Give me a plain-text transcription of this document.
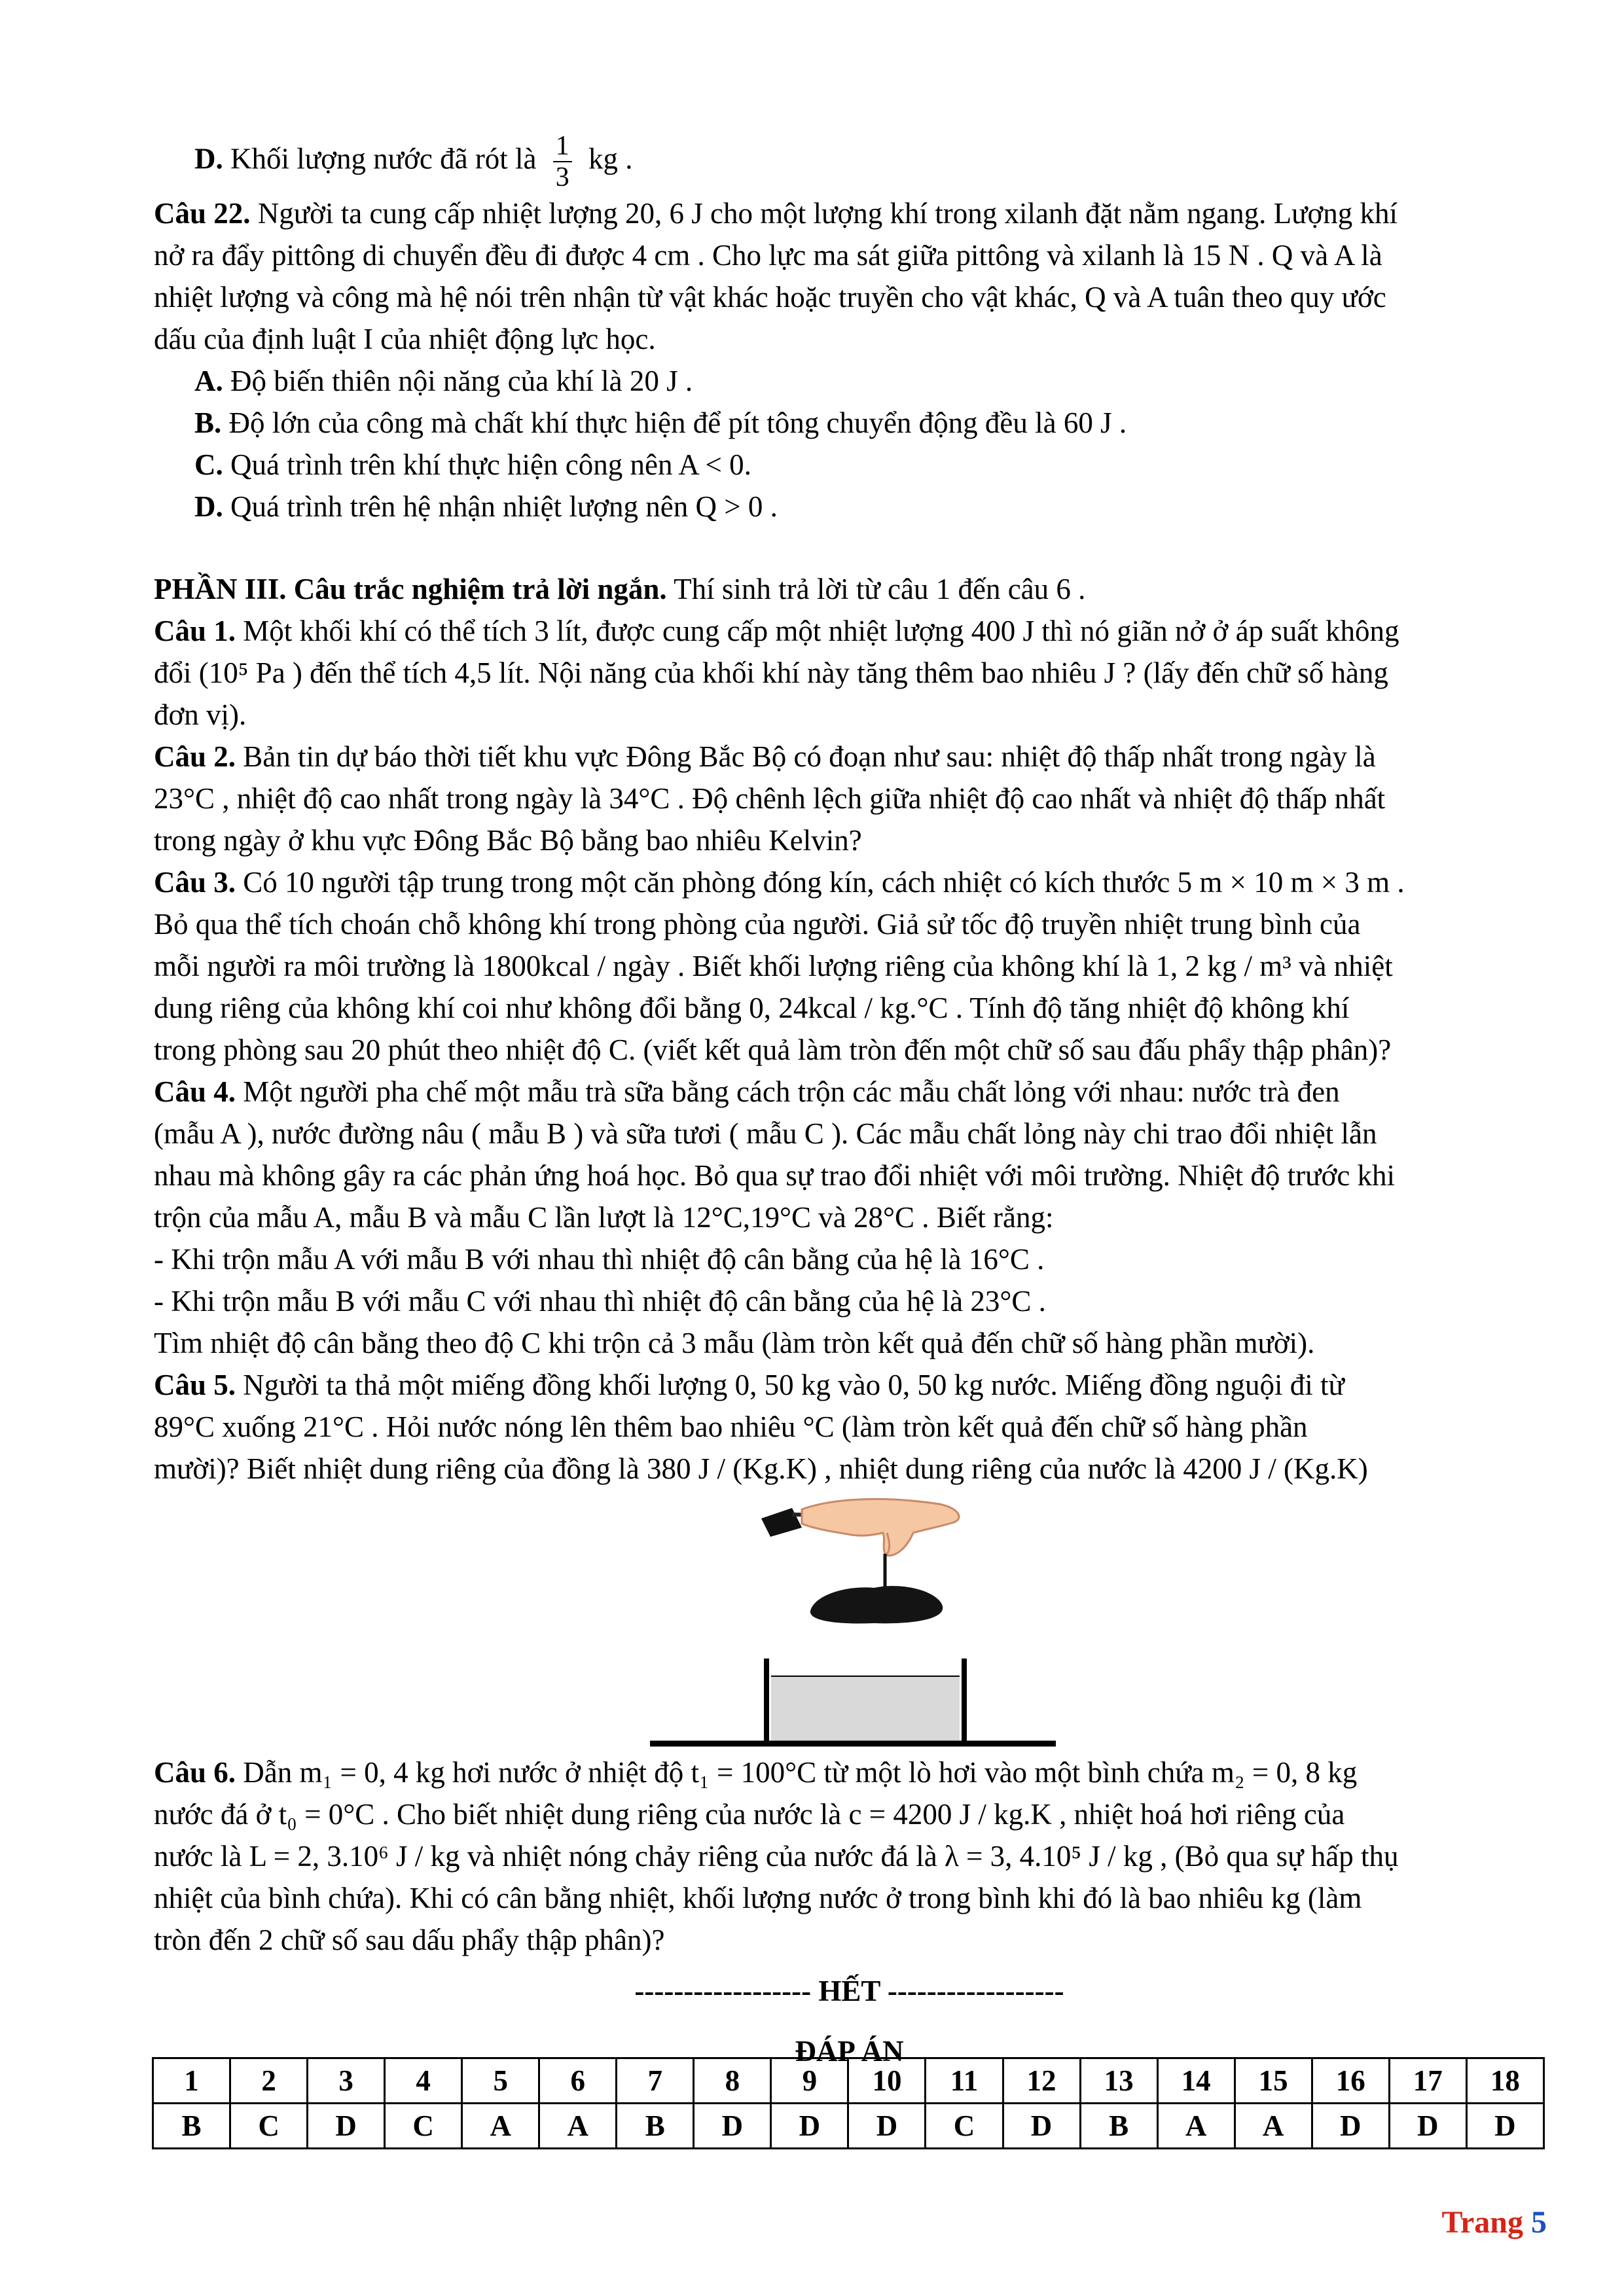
D. Khối lượng nước đã rót là $\frac{1}{3}$ kg .

Câu 22. Người ta cung cấp nhiệt lượng 20, 6 J cho một lượng khí trong xilanh đặt nằm ngang. Lượng khí

nở ra đẩy pittông di chuyển đều đi được 4 cm . Cho lực ma sát giữa pittông và xilanh là 15 N . Q và A là

nhiệt lượng và công mà hệ nói trên nhận từ vật khác hoặc truyền cho vật khác, Q và A tuân theo quy ước

dấu của định luật I của nhiệt động lực học.

A. Độ biến thiên nội năng của khí là 20 J .

B. Độ lớn của công mà chất khí thực hiện để pít tông chuyển động đều là 60 J .

C. Quá trình trên khí thực hiện công nên A < 0.

D. Quá trình trên hệ nhận nhiệt lượng nên Q > 0 .

PHẦN III. Câu trắc nghiệm trả lời ngắn. Thí sinh trả lời từ câu 1 đến câu 6 .

Câu 1. Một khối khí có thể tích 3 lít, được cung cấp một nhiệt lượng 400 J thì nó giãn nở ở áp suất không

đổi (10⁵ Pa ) đến thể tích 4,5 lít. Nội năng của khối khí này tăng thêm bao nhiêu J ? (lấy đến chữ số hàng

đơn vị).

Câu 2. Bản tin dự báo thời tiết khu vực Đông Bắc Bộ có đoạn như sau: nhiệt độ thấp nhất trong ngày là

23°C , nhiệt độ cao nhất trong ngày là 34°C . Độ chênh lệch giữa nhiệt độ cao nhất và nhiệt độ thấp nhất

trong ngày ở khu vực Đông Bắc Bộ bằng bao nhiêu Kelvin?

Câu 3. Có 10 người tập trung trong một căn phòng đóng kín, cách nhiệt có kích thước 5 m × 10 m × 3 m .

Bỏ qua thể tích choán chỗ không khí trong phòng của người. Giả sử tốc độ truyền nhiệt trung bình của

mỗi người ra môi trường là 1800kcal / ngày . Biết khối lượng riêng của không khí là 1, 2 kg / m³ và nhiệt

dung riêng của không khí coi như không đổi bằng 0, 24kcal / kg.°C . Tính độ tăng nhiệt độ không khí

trong phòng sau 20 phút theo nhiệt độ C. (viết kết quả làm tròn đến một chữ số sau đấu phẩy thập phân)?

Câu 4. Một người pha chế một mẫu trà sữa bằng cách trộn các mẫu chất lỏng với nhau: nước trà đen

(mẫu A ), nước đường nâu ( mẫu B ) và sữa tươi ( mẫu C ). Các mẫu chất lỏng này chi trao đổi nhiệt lẫn

nhau mà không gây ra các phản ứng hoá học. Bỏ qua sự trao đổi nhiệt với môi trường. Nhiệt độ trước khi

trộn của mẫu A, mẫu B và mẫu C lần lượt là 12°C,19°C và 28°C . Biết rằng:

- Khi trộn mẫu A với mẫu B với nhau thì nhiệt độ cân bằng của hệ là 16°C .

- Khi trộn mẫu B với mẫu C với nhau thì nhiệt độ cân bằng của hệ là 23°C .

Tìm nhiệt độ cân bằng theo độ C khi trộn cả 3 mẫu (làm tròn kết quả đến chữ số hàng phần mười).

Câu 5. Người ta thả một miếng đồng khối lượng 0, 50 kg vào 0, 50 kg nước. Miếng đồng nguội đi từ

89°C xuống 21°C . Hỏi nước nóng lên thêm bao nhiêu °C (làm tròn kết quả đến chữ số hàng phần

mười)? Biết nhiệt dung riêng của đồng là 380 J / (Kg.K) , nhiệt dung riêng của nước là 4200 J / (Kg.K)

Câu 6. Dẫn m₁ = 0, 4 kg hơi nước ở nhiệt độ t₁ = 100°C từ một lò hơi vào một bình chứa m₂ = 0, 8 kg

nước đá ở t₀ = 0°C . Cho biết nhiệt dung riêng của nước là c = 4200 J / kg.K , nhiệt hoá hơi riêng của

nước là L = 2, 3.10⁶ J / kg và nhiệt nóng chảy riêng của nước đá là λ = 3, 4.10⁵ J / kg , (Bỏ qua sự hấp thụ

nhiệt của bình chứa). Khi có cân bằng nhiệt, khối lượng nước ở trong bình khi đó là bao nhiêu kg (làm

tròn đến 2 chữ số sau dấu phẩy thập phân)?

------------------ HẾT ------------------

ĐÁP ÁN

1	2	3	4	5	6	7	8	9	10	11	12	13	14	15	16	17	18
B	C	D	C	A	A	B	D	D	D	C	D	B	A	A	D	D	D
Trang 5
